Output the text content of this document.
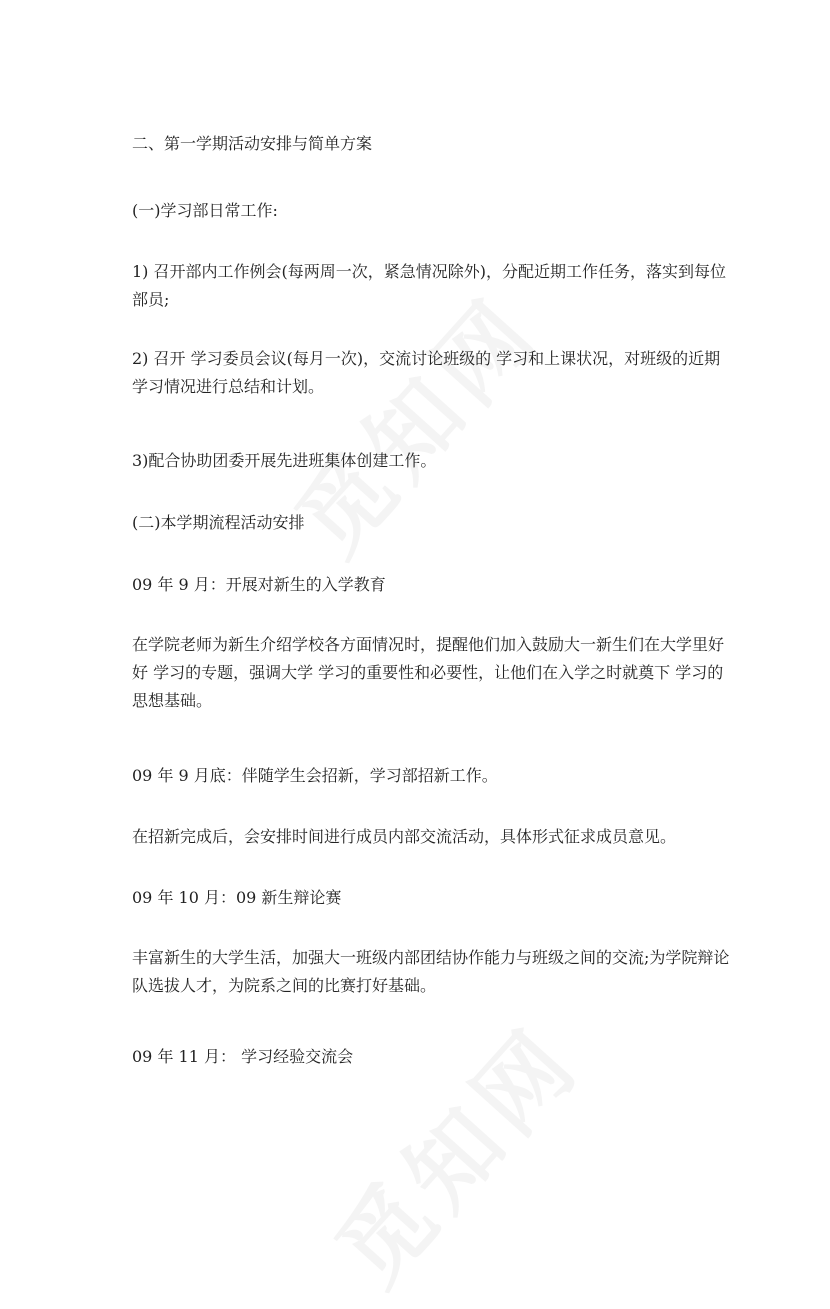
二、第一学期活动安排与简单方案
(一)学习部日常工作:
1) 召开部内工作例会(每两周一次，紧急情况除外)，分配近期工作任务，落实到每位部员;
2) 召开 学习委员会议(每月一次)，交流讨论班级的 学习和上课状况，对班级的近期 学习情况进行总结和计划。
3)配合协助团委开展先进班集体创建工作。
(二)本学期流程活动安排
09 年 9 月：开展对新生的入学教育
在学院老师为新生介绍学校各方面情况时，提醒他们加入鼓励大一新生们在大学里好好 学习的专题，强调大学 学习的重要性和必要性，让他们在入学之时就奠下 学习的思想基础。
09 年 9 月底：伴随学生会招新，学习部招新工作。
在招新完成后，会安排时间进行成员内部交流活动，具体形式征求成员意见。
09 年 10 月：09 新生辩论赛
丰富新生的大学生活，加强大一班级内部团结协作能力与班级之间的交流;为学院辩论队选拔人才，为院系之间的比赛打好基础。
09 年 11 月： 学习经验交流会
